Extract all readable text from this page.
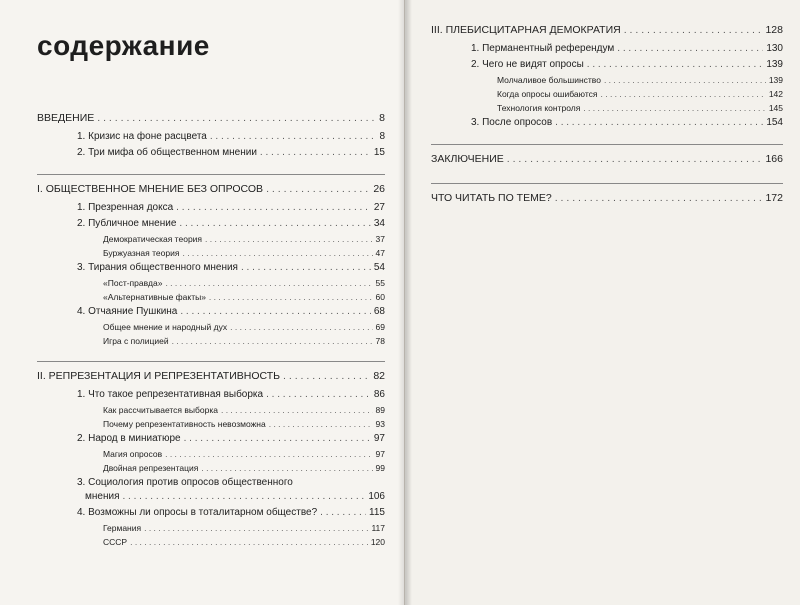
содержание
ВВЕДЕНИЕ . . .	8
1. Кризис на фоне расцвета . . .	8
2. Три мифа об общественном мнении . . .	15
I. ОБЩЕСТВЕННОЕ МНЕНИЕ БЕЗ ОПРОСОВ . . .	26
1. Презренная докса . . .	27
2. Публичное мнение . . .	34
Демократическая теория . . .	37
Буржуазная теория . . .	47
3. Тирания общественного мнения . . .	54
«Пост-правда» . . .	55
«Альтернативные факты» . . .	60
4. Отчаяние Пушкина . . .	68
Общее мнение и народный дух . . .	69
Игра с полицией . . .	78
II. РЕПРЕЗЕНТАЦИЯ И РЕПРЕЗЕНТАТИВНОСТЬ . . .	82
1. Что такое репрезентативная выборка . . .	86
Как рассчитывается выборка . . .	89
Почему репрезентативность невозможна . . .	93
2. Народ в миниатюре . . .	97
Магия опросов . . .	97
Двойная репрезентация . . .	99
3. Социология против опросов общественного
мнения . . .	106
4. Возможны ли опросы в тоталитарном обществе? . . .	115
Германия . . .	117
СССР . . .	120
III. ПЛЕБИСЦИТАРНАЯ ДЕМОКРАТИЯ . . .	128
1. Перманентный референдум . . .	130
2. Чего не видят опросы . . .	139
Молчаливое большинство . . .	139
Когда опросы ошибаются . . .	142
Технология контроля . . .	145
3. После опросов . . .	154
ЗАКЛЮЧЕНИЕ . . .	166
ЧТО ЧИТАТЬ ПО ТЕМЕ? . . .	172
